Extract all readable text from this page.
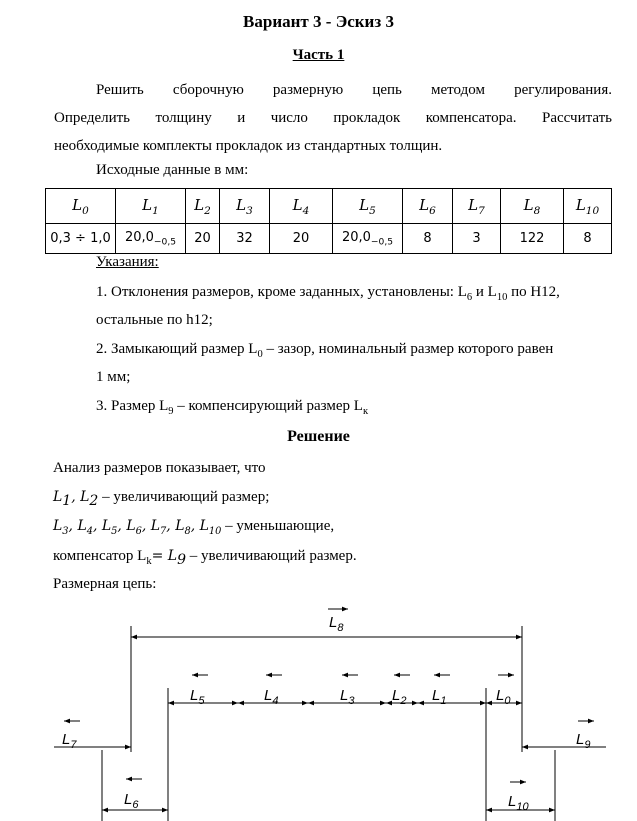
Вариант 3 - Эскиз 3
Часть 1
Решить сборочную размерную цепь методом регулирования.
Определить толщину и число прокладок компенсатора. Рассчитать
необходимые комплекты прокладок из стандартных толщин.
Исходные данные в мм:
$L_0$	$L_1$	$L_2$	$L_3$	$L_4$	$L_5$	$L_6$	$L_7$	$L_8$	$L_{10}$
0,3 ÷ 1,0	$20,0_{-0,5}$	20	32	20	$20,0_{-0,5}$	8	3	122	8
Указания:
1. Отклонения размеров, кроме заданных, установлены: $L_6$ и $L_{10}$ по H12,
остальные по h12;
2. Замыкающий размер $L_0$ – зазор, номинальный размер которого равен
1 мм;
3. Размер $L_9$ – компенсирующий размер $L_к$
Решение
Анализ размеров показывает, что
$L_1$, $L_2$ – увеличивающий размер;
$L_3$, $L_4$, $L_5$, $L_6$, $L_7$, $L_8$, $L_{10}$ – уменьшающие,
компенсатор $L_k= L_9$ – увеличивающий размер.
Размерная цепь:
$L_8$
$L_5$	$L_4$	$L_3$	$L_2$ $L_1$	$L_0$
$L_7$	$L_9$
$L_6$	$L_{10}$
